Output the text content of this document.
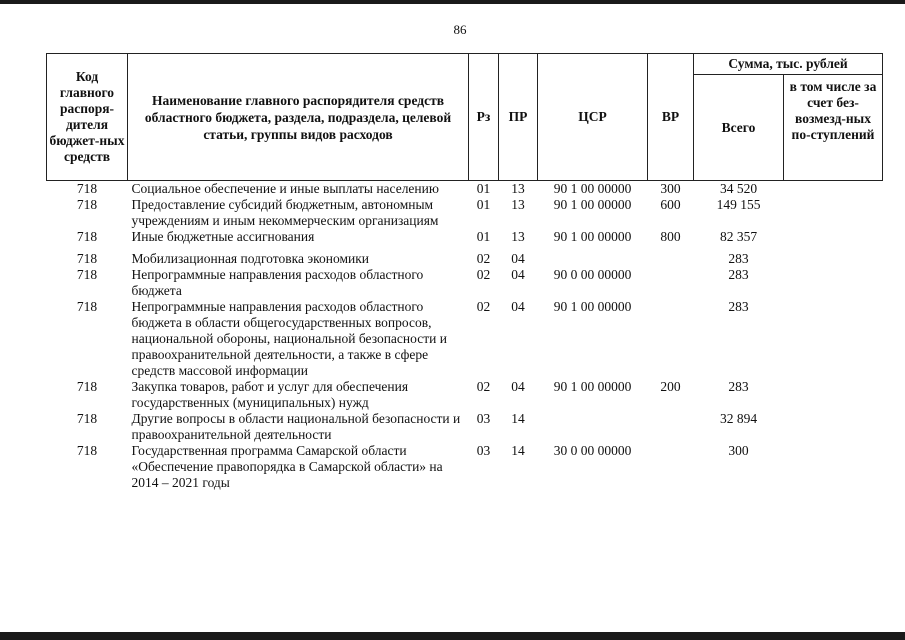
86
Код главного распоря-дителя бюджет-ных средств	Наименование главного распорядителя средств областного бюджета, раздела, подраздела, целевой статьи, группы видов расходов	Рз	ПР	ЦСР	ВР	Сумма, тыс. рублей	
						Всего	в том числе за счет без-возмезд-ных по-ступлений
718	Социальное обеспечение и иные выплаты населению	01	13	90 1 00 00000	300	34 520	
718	Предоставление субсидий бюджетным, автономным учреждениям и иным некоммерческим организациям	01	13	90 1 00 00000	600	149 155	
718	Иные бюджетные ассигнования	01	13	90 1 00 00000	800	82 357	
718	Мобилизационная подготовка экономики	02	04			283	
718	Непрограммные направления расходов областного бюджета	02	04	90 0 00 00000		283	
718	Непрограммные направления расходов областного бюджета в области общегосударственных вопросов, национальной обороны, национальной безопасности и правоохранительной деятельности, а также в сфере средств массовой информации	02	04	90 1 00 00000		283	
718	Закупка товаров, работ и услуг для обеспечения государственных (муниципальных) нужд	02	04	90 1 00 00000	200	283	
718	Другие вопросы в области национальной безопасности и правоохранительной деятельности	03	14			32 894	
718	Государственная программа Самарской области «Обеспечение правопорядка в Самарской области» на 2014 – 2021 годы	03	14	30 0 00 00000		300	
